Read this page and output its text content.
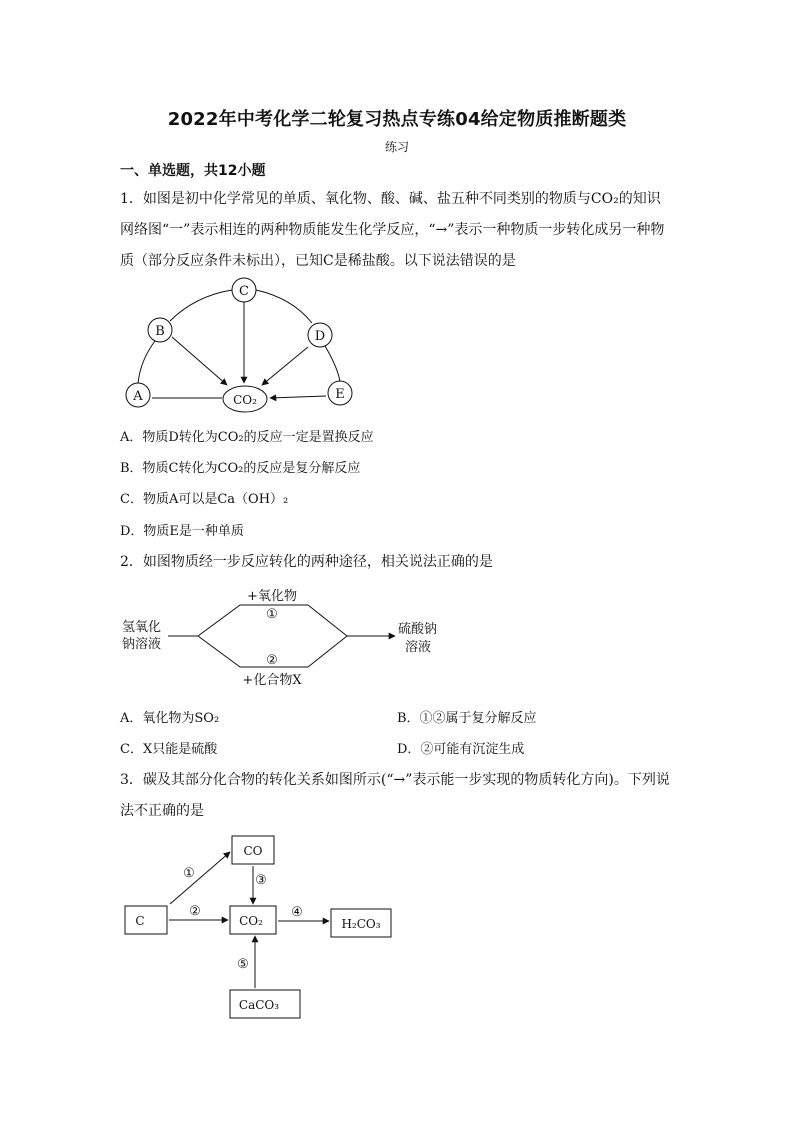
2022年中考化学二轮复习热点专练04给定物质推断题类
练习
一、单选题，共12小题
1．如图是初中化学常见的单质、氧化物、酸、碱、盐五种不同类别的物质与CO₂的知识
网络图“一”表示相连的两种物质能发生化学反应，“→”表示一种物质一步转化成另一种物
质（部分反应条件未标出），已知C是稀盐酸。以下说法错误的是
C
B	D
A	E
CO₂
氢氧化
钠溶液
硫酸钠
溶液
+氧化物
①
②
+化合物X
CO
C	CO₂	H₂CO₃
CaCO₃
①
②
③
④
⑤
A．物质D转化为CO₂的反应一定是置换反应
B．物质C转化为CO₂的反应是复分解反应
C．物质A可以是Ca（OH）₂
D．物质E是一种单质
2．如图物质经一步反应转化的两种途径，相关说法正确的是
A．氧化物为SO₂	B．①②属于复分解反应
C．X只能是硫酸	D．②可能有沉淀生成
3．碳及其部分化合物的转化关系如图所示(“→”表示能一步实现的物质转化方向)。下列说
法不正确的是
